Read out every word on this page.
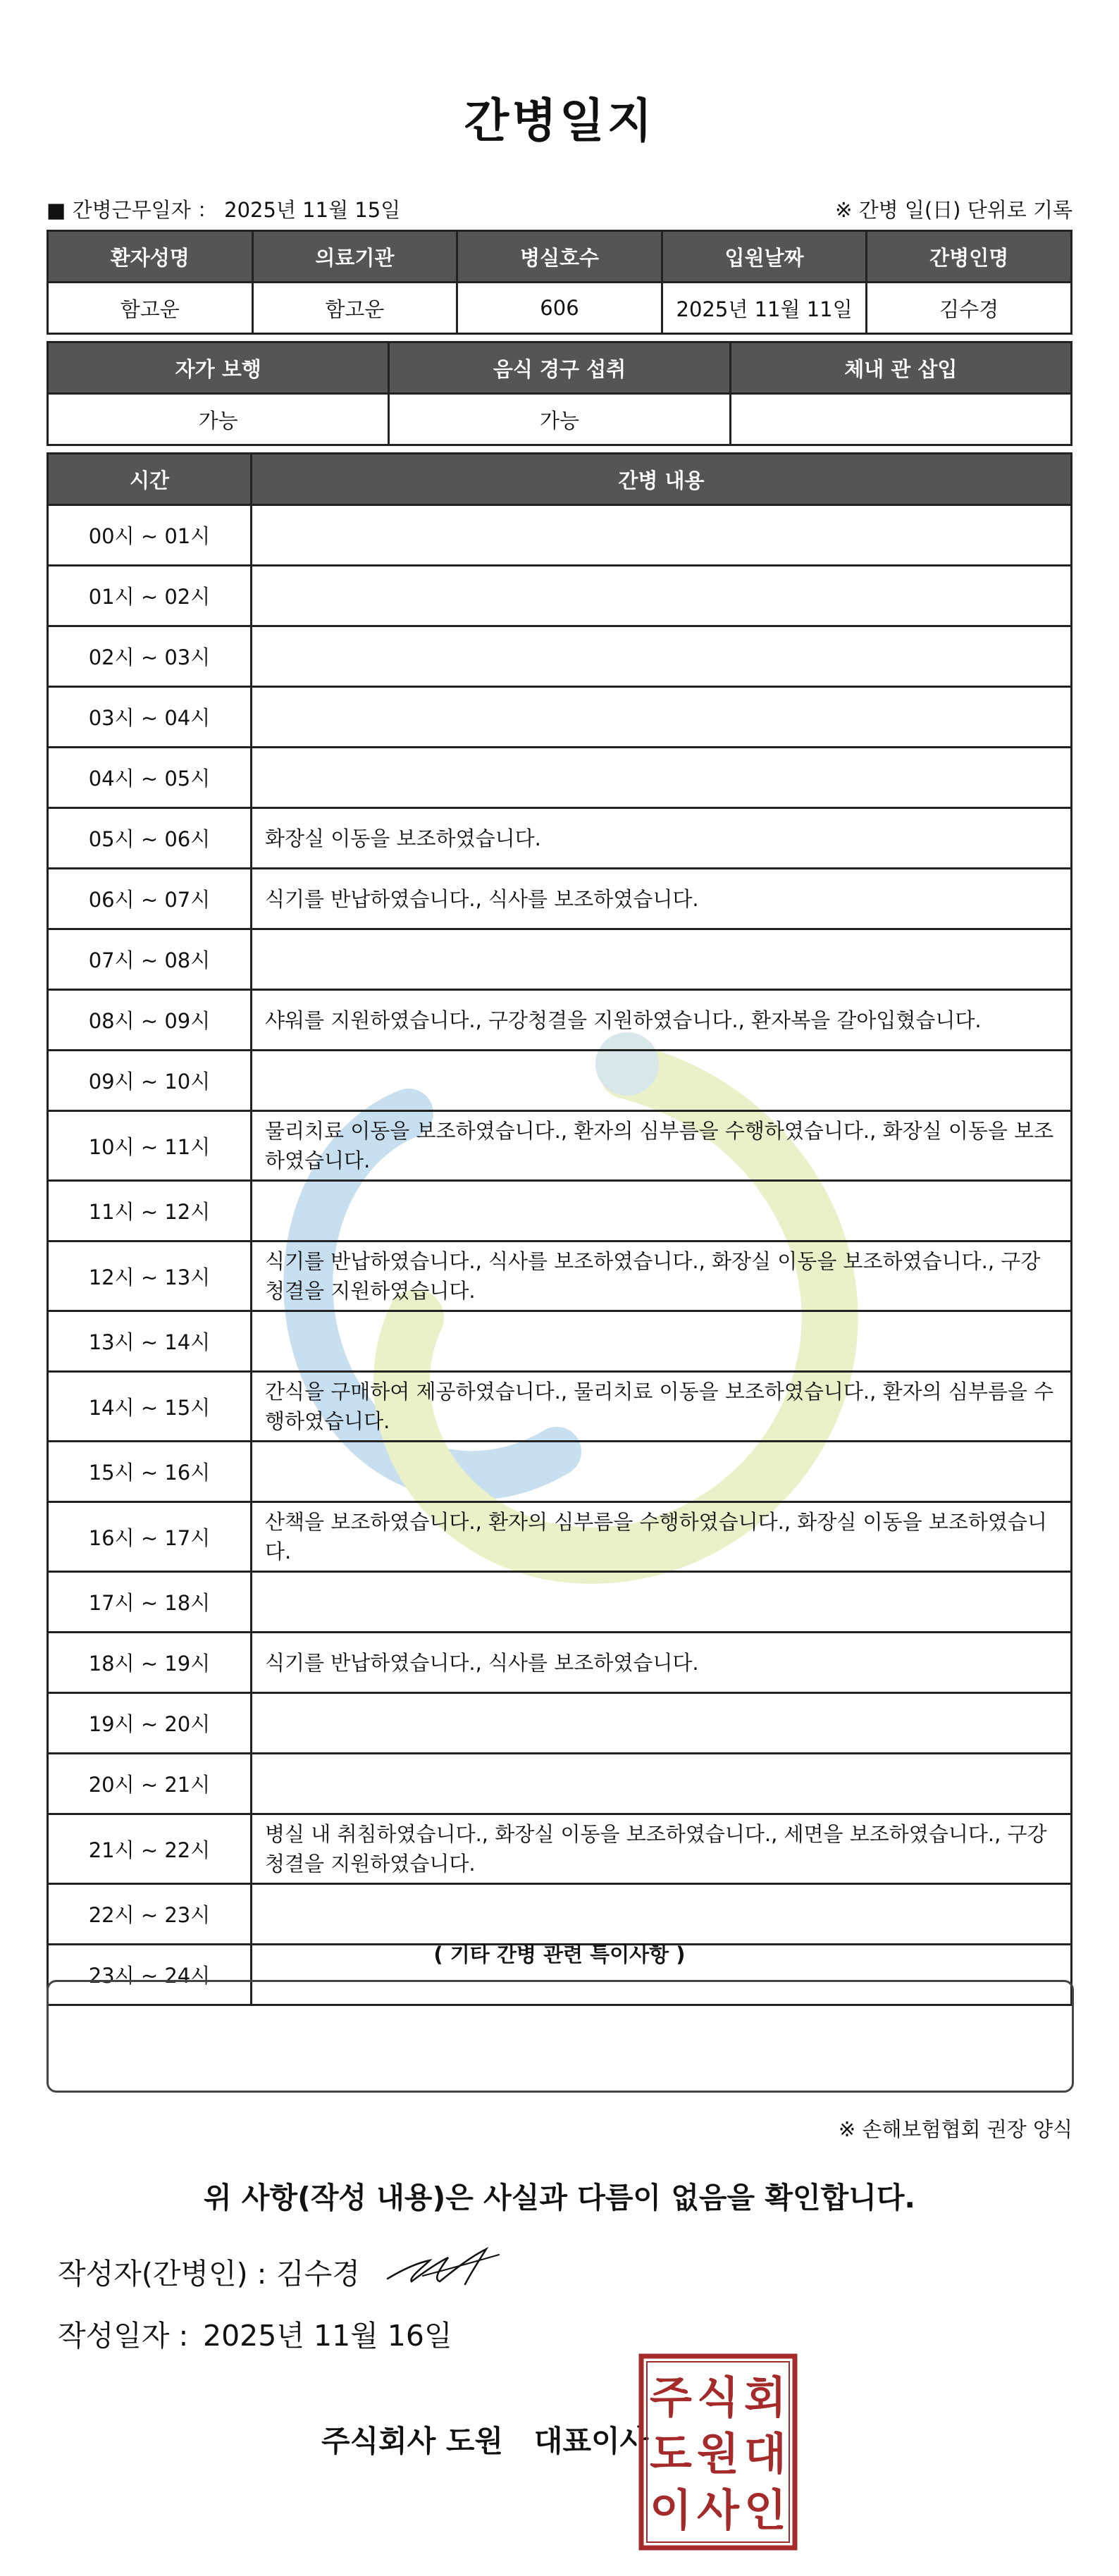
간병일지
■ 간병근무일자 ： 2025년 11월 15일	※ 간병 일(日) 단위로 기록
환자성명	의료기관	병실호수	입원날짜	간병인명
함고운	함고운	606	2025년 11월 11일	김수경
자가 보행	음식 경구 섭취	체내 관 삽입
가능	가능	
시간	간병 내용
00시 ~ 01시	
01시 ~ 02시	
02시 ~ 03시	
03시 ~ 04시	
04시 ~ 05시	
05시 ~ 06시	화장실 이동을 보조하였습니다.
06시 ~ 07시	식기를 반납하였습니다., 식사를 보조하였습니다.
07시 ~ 08시	
08시 ~ 09시	샤워를 지원하였습니다., 구강청결을 지원하였습니다., 환자복을 갈아입혔습니다.
09시 ~ 10시	
10시 ~ 11시	물리치료 이동을 보조하였습니다., 환자의 심부름을 수행하였습니다., 화장실 이동을 보조하였습니다.
11시 ~ 12시	
12시 ~ 13시	식기를 반납하였습니다., 식사를 보조하였습니다., 화장실 이동을 보조하였습니다., 구강청결을 지원하였습니다.
13시 ~ 14시	
14시 ~ 15시	간식을 구매하여 제공하였습니다., 물리치료 이동을 보조하였습니다., 환자의 심부름을 수행하였습니다.
15시 ~ 16시	
16시 ~ 17시	산책을 보조하였습니다., 환자의 심부름을 수행하였습니다., 화장실 이동을 보조하였습니다.
17시 ~ 18시	
18시 ~ 19시	식기를 반납하였습니다., 식사를 보조하였습니다.
19시 ~ 20시	
20시 ~ 21시	
21시 ~ 22시	병실 내 취침하였습니다., 화장실 이동을 보조하였습니다., 세면을 보조하였습니다., 구강청결을 지원하였습니다.
22시 ~ 23시	
23시 ~ 24시	
( 기타 간병 관련 특이사항 )
※ 손해보험협회 권장 양식
위 사항(작성 내용)은 사실과 다름이 없음을 확인합니다.
작성자(간병인) : 김수경
작성일자 : 2025년 11월 16일
주식회사 도원   대표이사
주 식 회
도 원 대
이 사 인
